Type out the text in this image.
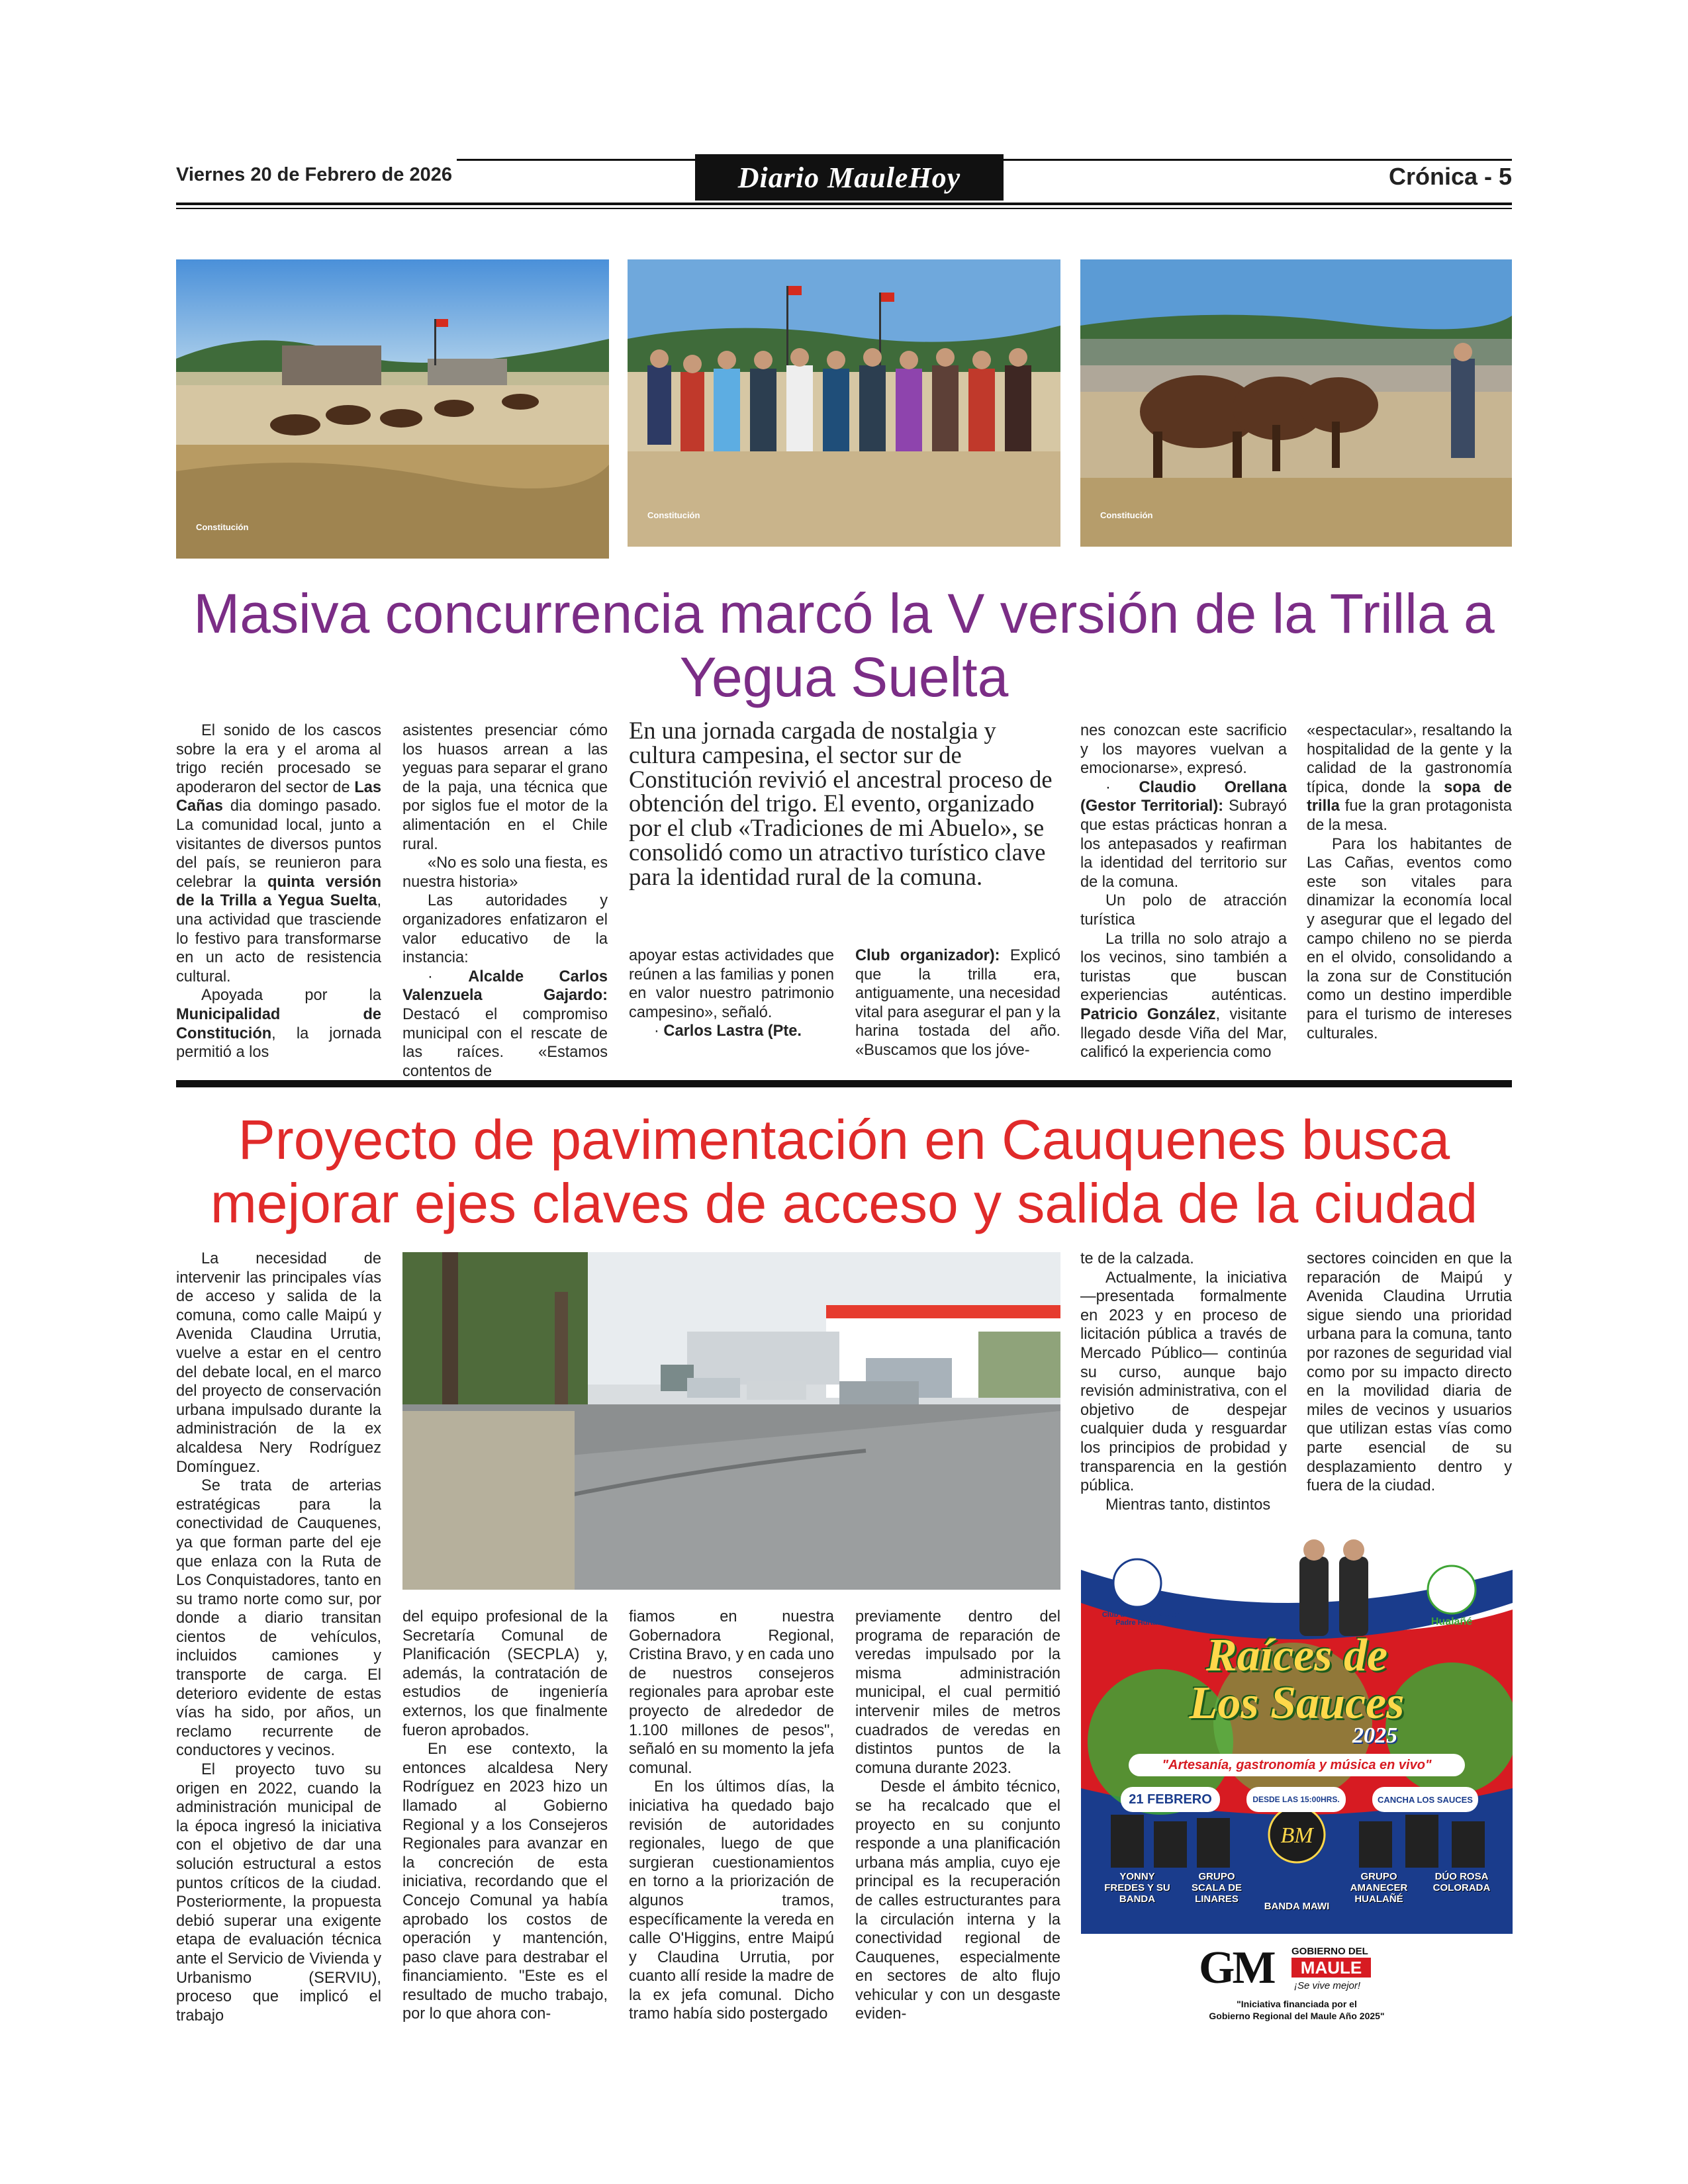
Viernes 20 de Febrero de 2026	Diario MauleHoy	Crónica - 5
Constitución
Constitución	Constitución
Masiva concurrencia marcó la V versión de la Trilla a Yegua Suelta

El sonido de los cascos sobre la era y el aroma al trigo recién procesado se apoderaron del sector de Las Cañas dia domingo pasado. La comunidad local, junto a visitantes de diversos puntos del país, se reunieron para celebrar la quinta versión de la Trilla a Yegua Suelta, una actividad que trasciende lo festivo para transformarse en un acto de resistencia cultural.

Apoyada por la Municipalidad de Constitución, la jornada permitió a los

asistentes presenciar cómo los huasos arrean a las yeguas para separar el grano de la paja, una técnica que por siglos fue el motor de la alimentación en el Chile rural.

«No es solo una fiesta, es nuestra historia»

Las autoridades y organizadores enfatizaron el valor educativo de la instancia:

· Alcalde Carlos Valenzuela Gajardo: Destacó el compromiso municipal con el rescate de las raíces. «Estamos contentos de

En una jornada cargada de nostalgia y cultura campesina, el sector sur de Constitución revivió el ancestral proceso de obtención del trigo. El evento, organizado por el club «Tradiciones de mi Abuelo», se consolidó como un atractivo turístico clave para la identidad rural de la comuna.

apoyar estas actividades que reúnen a las familias y ponen en valor nuestro patrimonio campesino», señaló.

· Carlos Lastra (Pte.

Club organizador): Explicó que la trilla era, antiguamente, una necesidad vital para asegurar el pan y la harina tostada del año. «Buscamos que los jóve-

nes conozcan este sacrificio y los mayores vuelvan a emocionarse», expresó.

· Claudio Orellana (Gestor Territorial): Subrayó que estas prácticas honran a los antepasados y reafirman la identidad del territorio sur de la comuna.

Un polo de atracción turística

La trilla no solo atrajo a los vecinos, sino también a turistas que buscan experiencias auténticas. Patricio González, visitante llegado desde Viña del Mar, calificó la experiencia como

«espectacular», resaltando la hospitalidad de la gente y la calidad de la gastronomía típica, donde la sopa de trilla fue la gran protagonista de la mesa.

Para los habitantes de Las Cañas, eventos como este son vitales para dinamizar la economía local y asegurar que el legado del campo chileno no se pierda en el olvido, consolidando a la zona sur de Constitución como un destino imperdible para el turismo de intereses culturales.

Proyecto de pavimentación en Cauquenes busca mejorar ejes claves de acceso y salida de la ciudad

La necesidad de intervenir las principales vías de acceso y salida de la comuna, como calle Maipú y Avenida Claudina Urrutia, vuelve a estar en el centro del debate local, en el marco del proyecto de conservación urbana impulsado durante la administración de la ex alcaldesa Nery Rodríguez Domínguez.

Se trata de arterias estratégicas para la conectividad de Cauquenes, ya que forman parte del eje que enlaza con la Ruta de Los Conquistadores, tanto en su tramo norte como sur, por donde a diario transitan cientos de vehículos, incluidos camiones y transporte de carga. El deterioro evidente de estas vías ha sido, por años, un reclamo recurrente de conductores y vecinos.

El proyecto tuvo su origen en 2022, cuando la administración municipal de la época ingresó la iniciativa con el objetivo de dar una solución estructural a estos puntos críticos de la ciudad. Posteriormente, la propuesta debió superar una exigente etapa de evaluación técnica ante el Servicio de Vivienda y Urbanismo (SERVIU), proceso que implicó el trabajo

del equipo profesional de la Secretaría Comunal de Planificación (SECPLA) y, además, la contratación de estudios de ingeniería externos, los que finalmente fueron aprobados.

En ese contexto, la entonces alcaldesa Nery Rodríguez en 2023 hizo un llamado al Gobierno Regional y a los Consejeros Regionales para avanzar en la concreción de esta iniciativa, recordando que el Concejo Comunal ya había aprobado los costos de operación y mantención, paso clave para destrabar el financiamiento. "Este es el resultado de mucho trabajo, por lo que ahora con-

fiamos en nuestra Gobernadora Regional, Cristina Bravo, y en cada uno de nuestros consejeros regionales para aprobar este proyecto de alrededor de 1.100 millones de pesos", señaló en su momento la jefa comunal.

En los últimos días, la iniciativa ha quedado bajo revisión de autoridades regionales, luego de que surgieran cuestionamientos en torno a la priorización de algunos tramos, específicamente la vereda en calle O'Higgins, entre Maipú y Claudina Urrutia, por cuanto allí reside la madre de la ex jefa comunal. Dicho tramo había sido postergado

previamente dentro del programa de reparación de veredas impulsado por la misma administración municipal, el cual permitió intervenir miles de metros cuadrados de veredas en distintos puntos de la comuna durante 2023.

Desde el ámbito técnico, se ha recalcado que el proyecto en su conjunto responde a una planificación urbana más amplia, cuyo eje principal es la recuperación de calles estructurantes para la circulación interna y la conectividad regional de Cauquenes, especialmente en sectores de alto flujo vehicular y con un desgaste eviden-

te de la calzada.

Actualmente, la iniciativa —presentada formalmente en 2023 y en proceso de licitación pública a través de Mercado Público— continúa su curso, aunque bajo revisión administrativa, con el objetivo de despejar cualquier duda y resguardar los principios de probidad y transparencia en la gestión pública.

Mientras tanto, distintos

sectores coinciden en que la reparación de Maipú y Avenida Claudina Urrutia sigue siendo una prioridad urbana para la comuna, tanto por razones de seguridad vial como por su impacto directo en la movilidad diaria de miles de vecinos y usuarios que utilizan estas vías como parte esencial de su desplazamiento dentro y fuera de la ciudad.

BM
Club del Adulto Mayor Padre Hurtado	Hualañé
Raíces de
Los Sauces
2025
"Artesanía, gastronomía y música en vivo"
21 FEBRERO	DESDE LAS 15:00HRS.	CANCHA LOS SAUCES
YONNY FREDES Y SU BANDA
GRUPO SCALA DE LINARES
BANDA MAWI
GRUPO AMANECER HUALAÑÉ
DÚO ROSA COLORADA
GM GOBIERNO DEL
MAULE
¡Se vive mejor!
"Iniciativa financiada por el
Gobierno Regional del Maule Año 2025"
